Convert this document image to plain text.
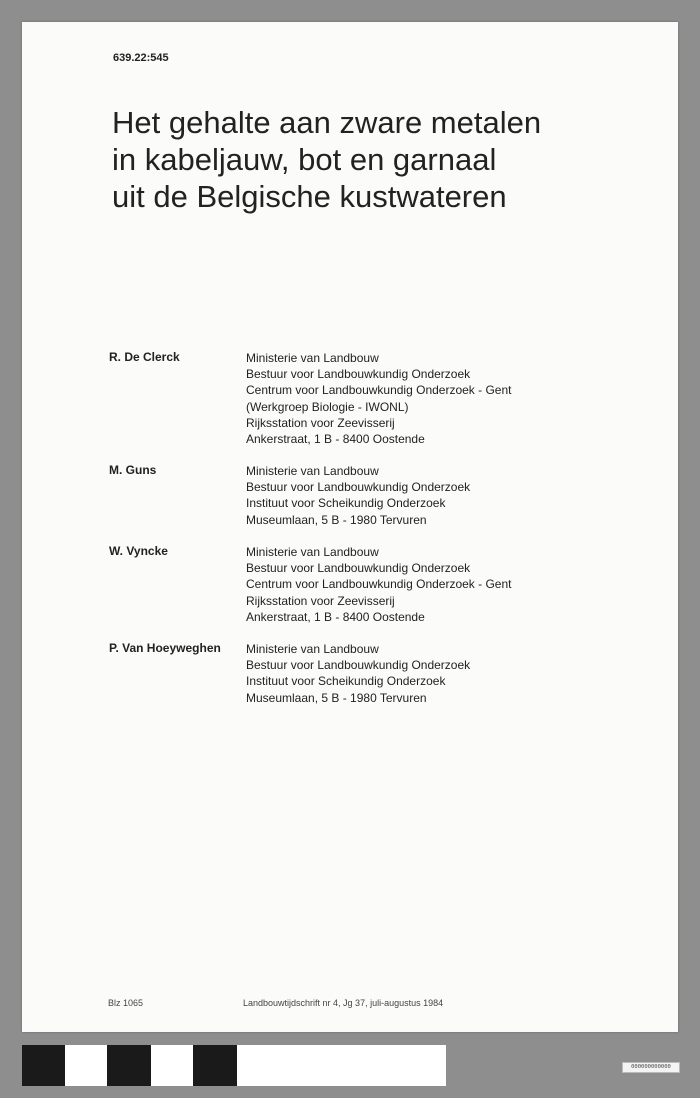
639.22:545
Het gehalte aan zware metalen
in kabeljauw, bot en garnaal
uit de Belgische kustwateren
R. De Clerck	Ministerie van Landbouw
Bestuur voor Landbouwkundig Onderzoek
Centrum voor Landbouwkundig Onderzoek - Gent
(Werkgroep Biologie - IWONL)
Rijksstation voor Zeevisserij
Ankerstraat, 1 B - 8400 Oostende
M. Guns	Ministerie van Landbouw
Bestuur voor Landbouwkundig Onderzoek
Instituut voor Scheikundig Onderzoek
Museumlaan, 5 B - 1980 Tervuren
W. Vyncke	Ministerie van Landbouw
Bestuur voor Landbouwkundig Onderzoek
Centrum voor Landbouwkundig Onderzoek - Gent
Rijksstation voor Zeevisserij
Ankerstraat, 1 B - 8400 Oostende
P. Van Hoeyweghen Ministerie van Landbouw
Bestuur voor Landbouwkundig Onderzoek
Instituut voor Scheikundig Onderzoek
Museumlaan, 5 B - 1980 Tervuren
Blz 1065	Landbouwtijdschrift nr 4, Jg 37, juli-augustus 1984
000000000000
